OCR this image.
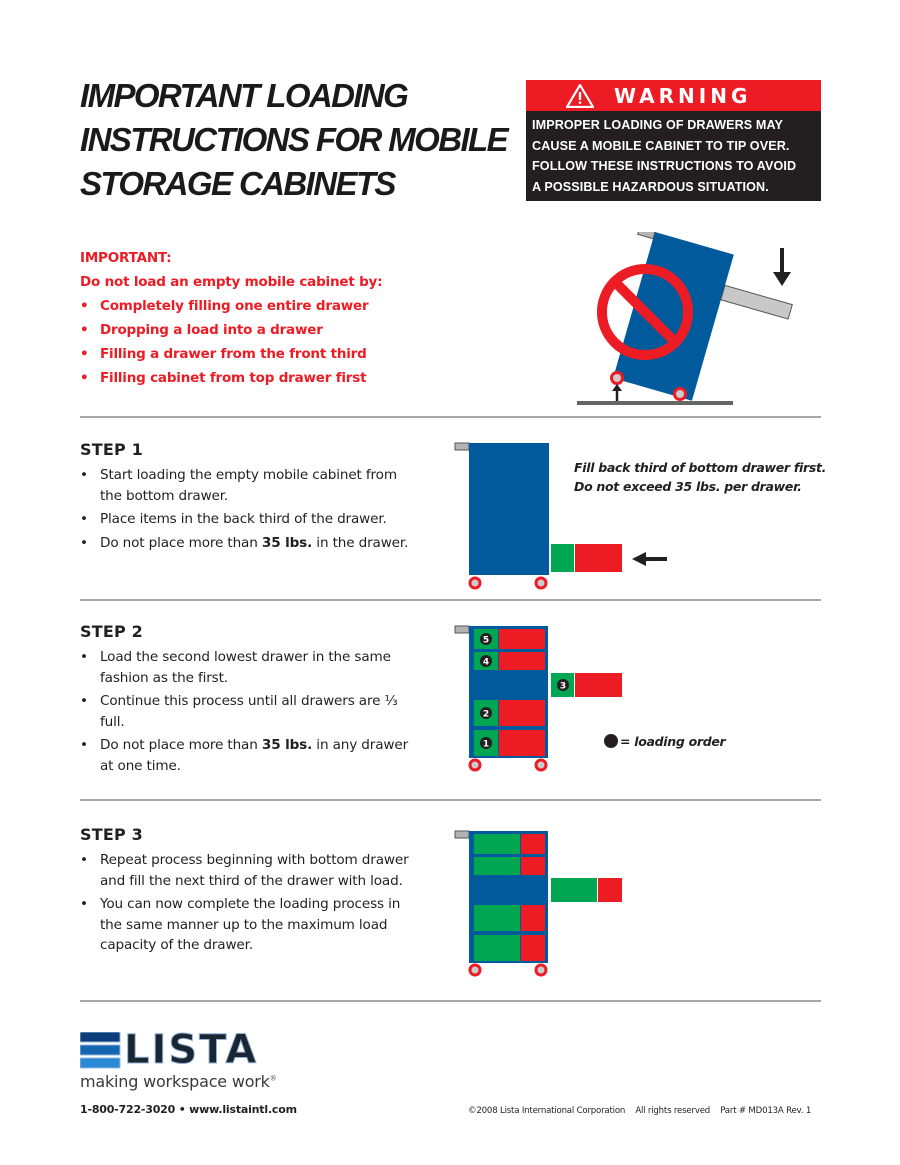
IMPORTANT LOADING
INSTRUCTIONS FOR MOBILE
STORAGE CABINETS
WARNING
IMPROPER LOADING OF DRAWERS MAY
CAUSE A MOBILE CABINET TO TIP OVER.
FOLLOW THESE INSTRUCTIONS TO AVOID
A POSSIBLE HAZARDOUS SITUATION.
IMPORTANT:
Do not load an empty mobile cabinet by:
• Completely filling one entire drawer
• Dropping a load into a drawer
• Filling a drawer from the front third
• Filling cabinet from top drawer first
STEP 1
• Start loading the empty mobile cabinet from the bottom drawer.
• Place items in the back third of the drawer.
• Do not place more than 35 lbs. in the drawer.
Fill back third of bottom drawer first.
Do not exceed 35 lbs. per drawer.
STEP 2
• Load the second lowest drawer in the same fashion as the first.
• Continue this process until all drawers are ⅓ full.
• Do not place more than 35 lbs. in any drawer at one time.
5
4
3
2
1	= loading order
STEP 3
• Repeat process beginning with bottom drawer and fill the next third of the drawer with load.
• You can now complete the loading process in the same manner up to the maximum load capacity of the drawer.
LISTA
making workspace work®
1-800-722-3020 • www.listaintl.com	©2008 Lista International Corporation All rights reserved Part # MD013A Rev. 1
